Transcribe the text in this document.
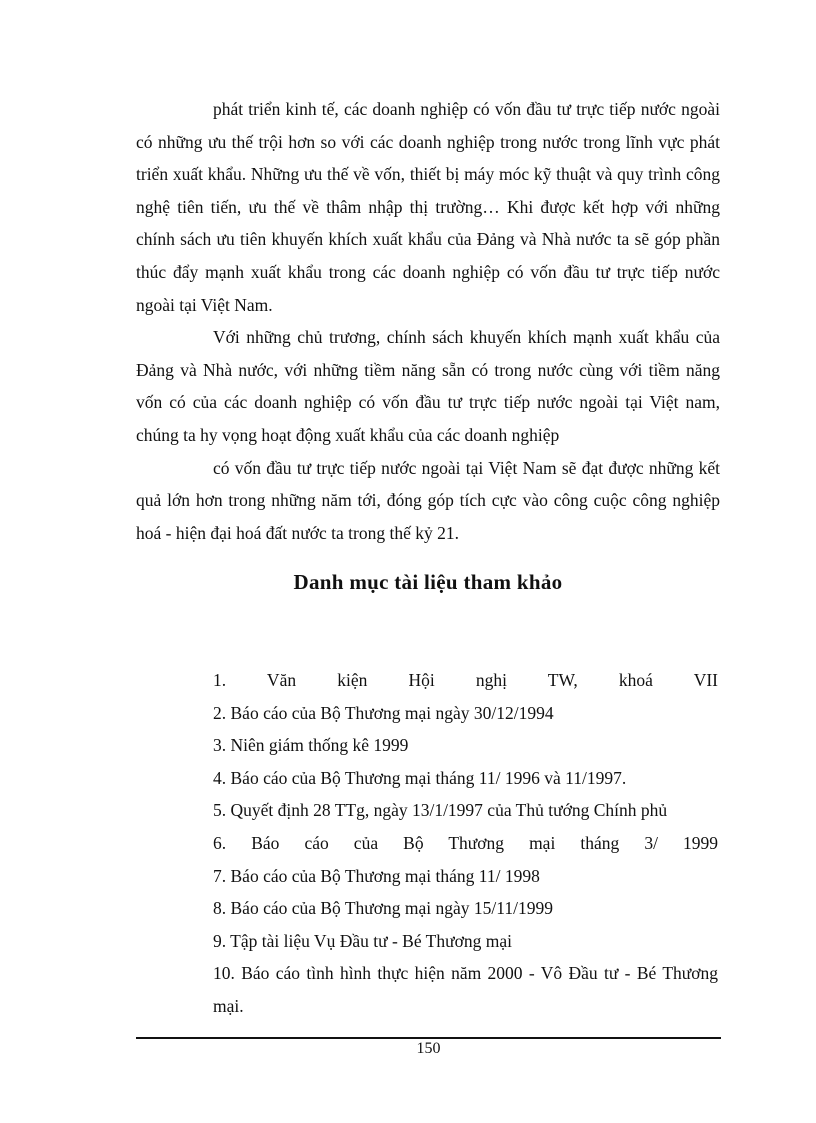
phát triển kinh tế, các doanh nghiệp có vốn đầu tư trực tiếp nước ngoài có những ưu thế trội hơn so với các doanh nghiệp trong nước trong lĩnh vực phát triển xuất khẩu. Những ưu thế về vốn, thiết bị máy móc kỹ thuật và quy trình công nghệ tiên tiến, ưu thế về thâm nhập thị trường… Khi được kết hợp với những chính sách ưu tiên khuyến khích xuất khẩu của Đảng và Nhà nước ta sẽ góp phần thúc đẩy mạnh xuất khẩu trong các doanh nghiệp có vốn đầu tư trực tiếp nước ngoài tại Việt Nam.

Với những chủ trương, chính sách khuyến khích mạnh xuất khẩu của Đảng và Nhà nước, với những tiềm năng sẵn có trong nước cùng với tiềm năng vốn có của các doanh nghiệp có vốn đầu tư trực tiếp nước ngoài tại Việt nam, chúng ta hy vọng hoạt động xuất khẩu của các doanh nghiệp

có vốn đầu tư trực tiếp nước ngoài tại Việt Nam sẽ đạt được những kết quả lớn hơn trong những năm tới, đóng góp tích cực vào công cuộc công nghiệp hoá - hiện đại hoá đất nước ta trong thế kỷ 21.

Danh mục tài liệu tham khảo
1. Văn kiện Hội nghị TW, khoá VII
2. Báo cáo của Bộ Thương mại ngày 30/12/1994
3. Niên giám thống kê 1999
4. Báo cáo của Bộ Thương mại tháng 11/ 1996 và 11/1997.
5. Quyết định 28 TTg, ngày 13/1/1997 của Thủ tướng Chính phủ
6. Báo cáo của Bộ Thương mại tháng 3/ 1999
7. Báo cáo của Bộ Thương mại tháng 11/ 1998
8. Báo cáo của Bộ Thương mại ngày 15/11/1999
9. Tập tài liệu Vụ Đầu tư - Bé Thương mại
10. Báo cáo tình hình thực hiện năm 2000 - Vô Đầu tư - Bé Thương mại.
150
